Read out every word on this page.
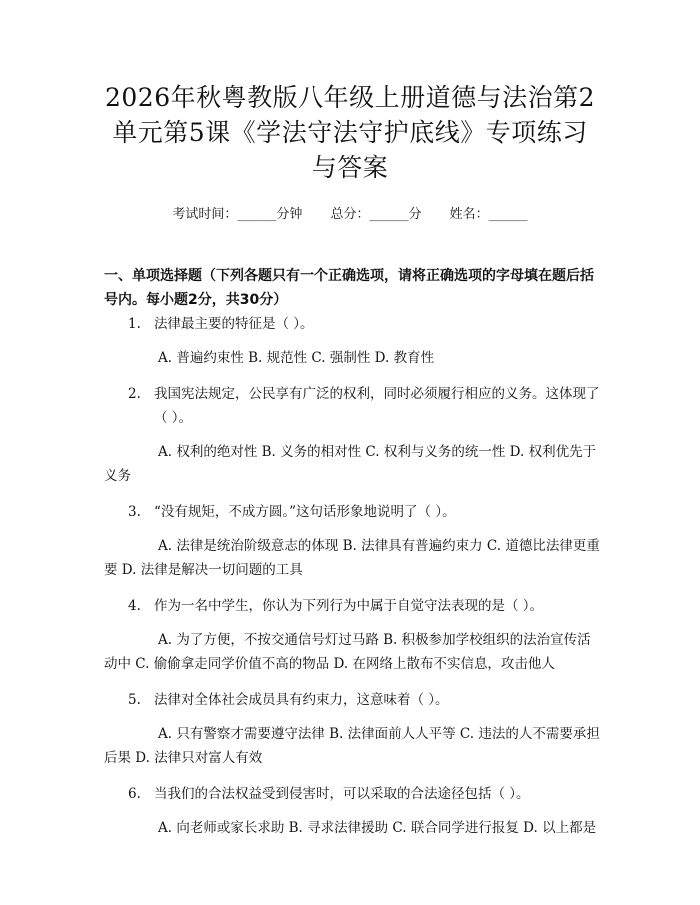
2026年秋粤教版八年级上册道德与法治第2
单元第5课《学法守法守护底线》专项练习
与答案
考试时间：______分钟 总分：______分 姓名：______
一、单项选择题（下列各题只有一个正确选项，请将正确选项的字母填在题后括号内。每小题2分，共30分）
1. 法律最主要的特征是（ ）。
A. 普遍约束性 B. 规范性 C. 强制性 D. 教育性
2. 我国宪法规定，公民享有广泛的权利，同时必须履行相应的义务。这体现了（ ）。
A. 权利的绝对性 B. 义务的相对性 C. 权利与义务的统一性 D. 权利优先于义务
3. “没有规矩，不成方圆。”这句话形象地说明了（ ）。
A. 法律是统治阶级意志的体现 B. 法律具有普遍约束力 C. 道德比法律更重要 D. 法律是解决一切问题的工具
4. 作为一名中学生，你认为下列行为中属于自觉守法表现的是（ ）。
A. 为了方便，不按交通信号灯过马路 B. 积极参加学校组织的法治宣传活动中 C. 偷偷拿走同学价值不高的物品 D. 在网络上散布不实信息，攻击他人
5. 法律对全体社会成员具有约束力，这意味着（ ）。
A. 只有警察才需要遵守法律 B. 法律面前人人平等 C. 违法的人不需要承担后果 D. 法律只对富人有效
6. 当我们的合法权益受到侵害时，可以采取的合法途径包括（ ）。
A. 向老师或家长求助 B. 寻求法律援助 C. 联合同学进行报复 D. 以上都是
